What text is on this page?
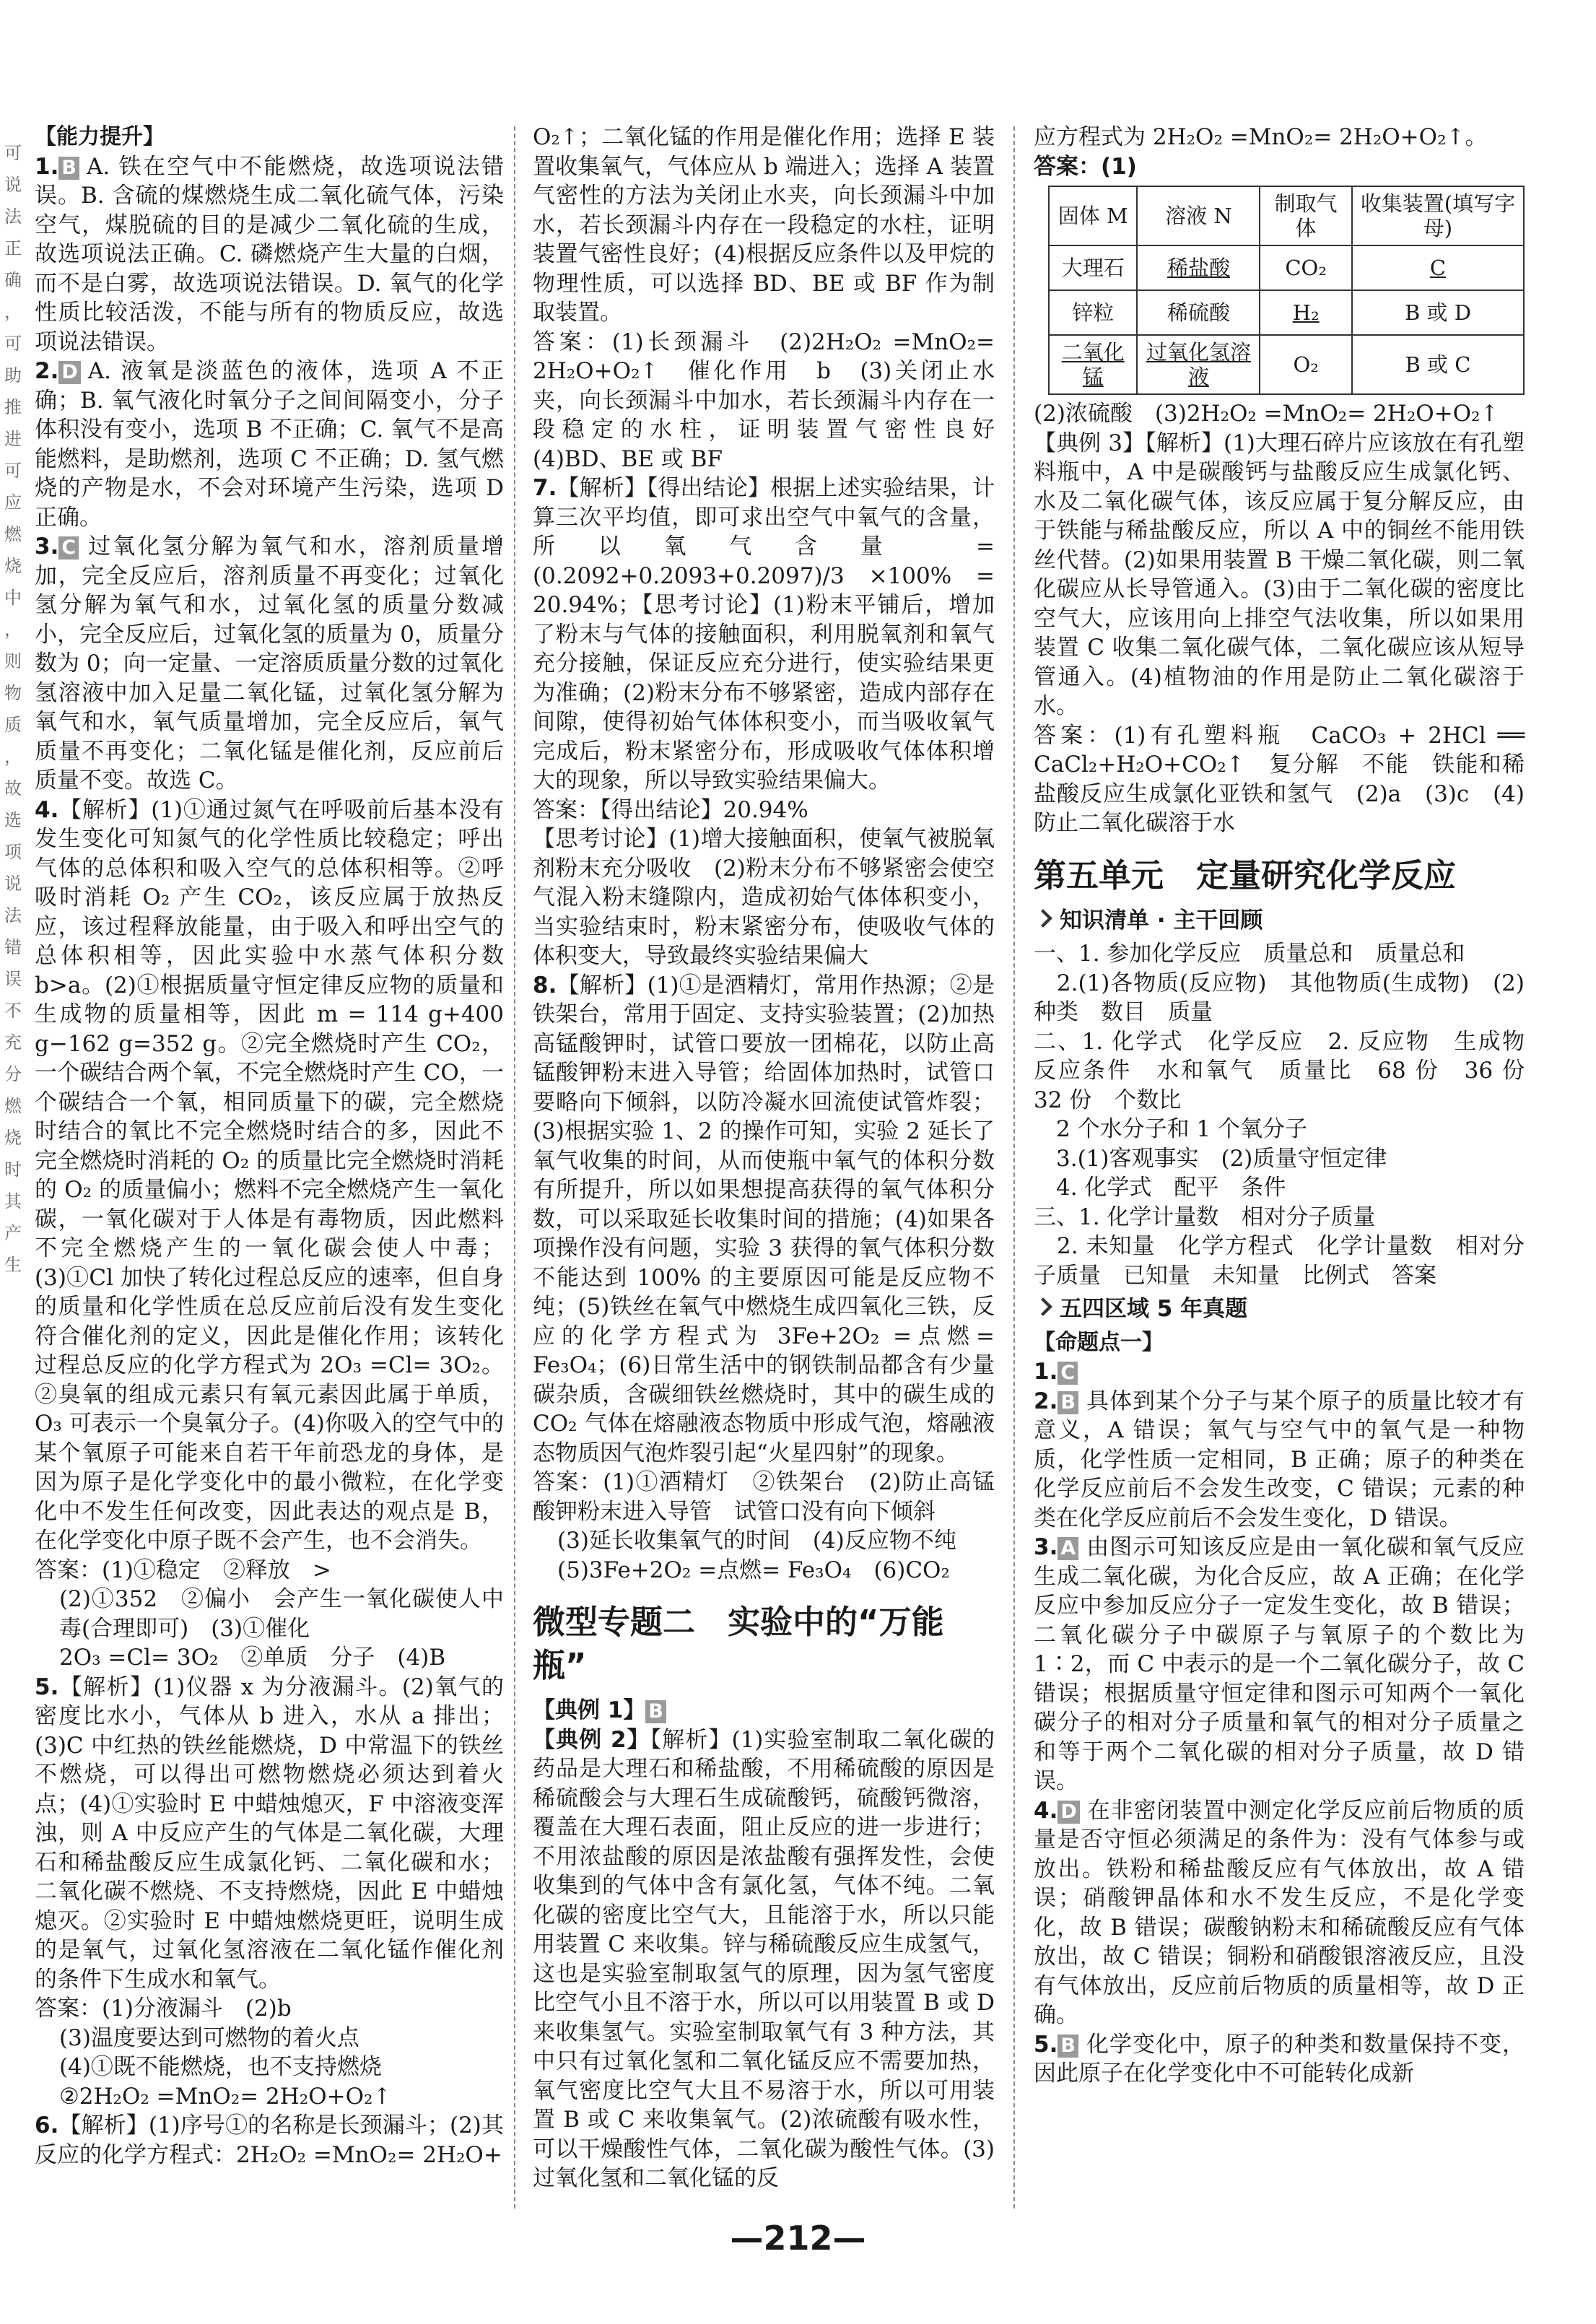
可说法正确，可助推进可应燃烧中，则物质，故选项说法错误不充分燃烧时其产生

【能力提升】

1. B A. 铁在空气中不能燃烧，故选项说法错误。B. 含硫的煤燃烧生成二氧化硫气体，污染空气，煤脱硫的目的是减少二氧化硫的生成，故选项说法正确。C. 磷燃烧产生大量的白烟，而不是白雾，故选项说法错误。D. 氧气的化学性质比较活泼，不能与所有的物质反应，故选项说法错误。

2. D A. 液氧是淡蓝色的液体，选项 A 不正确；B. 氧气液化时氧分子之间间隔变小，分子体积没有变小，选项 B 不正确；C. 氧气不是高能燃料，是助燃剂，选项 C 不正确；D. 氢气燃烧的产物是水，不会对环境产生污染，选项 D 正确。

3. C 过氧化氢分解为氧气和水，溶剂质量增加，完全反应后，溶剂质量不再变化；过氧化氢分解为氧气和水，过氧化氢的质量分数减小，完全反应后，过氧化氢的质量为 0，质量分数为 0；向一定量、一定溶质质量分数的过氧化氢溶液中加入足量二氧化锰，过氧化氢分解为氧气和水，氧气质量增加，完全反应后，氧气质量不再变化；二氧化锰是催化剂，反应前后质量不变。故选 C。

4.【解析】(1)①通过氮气在呼吸前后基本没有发生变化可知氮气的化学性质比较稳定；呼出气体的总体积和吸入空气的总体积相等。②呼吸时消耗 O₂ 产生 CO₂，该反应属于放热反应，该过程释放能量，由于吸入和呼出空气的总体积相等，因此实验中水蒸气体积分数 b>a。(2)①根据质量守恒定律反应物的质量和生成物的质量相等，因此 m = 114 g+400 g−162 g=352 g。②完全燃烧时产生 CO₂，一个碳结合两个氧，不完全燃烧时产生 CO，一个碳结合一个氧，相同质量下的碳，完全燃烧时结合的氧比不完全燃烧时结合的多，因此不完全燃烧时消耗的 O₂ 的质量比完全燃烧时消耗的 O₂ 的质量偏小；燃料不完全燃烧产生一氧化碳，一氧化碳对于人体是有毒物质，因此燃料不完全燃烧产生的一氧化碳会使人中毒；(3)①Cl 加快了转化过程总反应的速率，但自身的质量和化学性质在总反应前后没有发生变化符合催化剂的定义，因此是催化作用；该转化过程总反应的化学方程式为 2O₃ =Cl= 3O₂。②臭氧的组成元素只有氧元素因此属于单质，O₃ 可表示一个臭氧分子。(4)你吸入的空气中的某个氧原子可能来自若干年前恐龙的身体，是因为原子是化学变化中的最小微粒，在化学变化中不发生任何改变，因此表达的观点是 B，在化学变化中原子既不会产生，也不会消失。

答案：(1)①稳定　②释放　>

(2)①352　②偏小　会产生一氧化碳使人中毒(合理即可)　(3)①催化

2O₃ =Cl= 3O₂　②单质　分子　(4)B

5.【解析】(1)仪器 x 为分液漏斗。(2)氧气的密度比水小，气体从 b 进入，水从 a 排出；(3)C 中红热的铁丝能燃烧，D 中常温下的铁丝不燃烧，可以得出可燃物燃烧必须达到着火点；(4)①实验时 E 中蜡烛熄灭，F 中溶液变浑浊，则 A 中反应产生的气体是二氧化碳，大理石和稀盐酸反应生成氯化钙、二氧化碳和水；二氧化碳不燃烧、不支持燃烧，因此 E 中蜡烛熄灭。②实验时 E 中蜡烛燃烧更旺，说明生成的是氧气，过氧化氢溶液在二氧化锰作催化剂的条件下生成水和氧气。

答案：(1)分液漏斗　(2)b

(3)温度要达到可燃物的着火点

(4)①既不能燃烧，也不支持燃烧

②2H₂O₂ =MnO₂= 2H₂O+O₂↑

6.【解析】(1)序号①的名称是长颈漏斗；(2)其反应的化学方程式：2H₂O₂ =MnO₂= 2H₂O+

O₂↑；二氧化锰的作用是催化作用；选择 E 装置收集氧气，气体应从 b 端进入；选择 A 装置气密性的方法为关闭止水夹，向长颈漏斗中加水，若长颈漏斗内存在一段稳定的水柱，证明装置气密性良好；(4)根据反应条件以及甲烷的物理性质，可以选择 BD、BE 或 BF 作为制取装置。

答案：(1)长颈漏斗　(2)2H₂O₂ =MnO₂= 2H₂O+O₂↑　催化作用　b　(3)关闭止水夹，向长颈漏斗中加水，若长颈漏斗内存在一段稳定的水柱，证明装置气密性良好　(4)BD、BE 或 BF

7.【解析】【得出结论】根据上述实验结果，计算三次平均值，即可求出空气中氧气的含量，所以氧气含量 = (0.2092+0.2093+0.2097)/3 ×100% = 20.94%；【思考讨论】(1)粉末平铺后，增加了粉末与气体的接触面积，利用脱氧剂和氧气充分接触，保证反应充分进行，使实验结果更为准确；(2)粉末分布不够紧密，造成内部存在间隙，使得初始气体体积变小，而当吸收氧气完成后，粉末紧密分布，形成吸收气体体积增大的现象，所以导致实验结果偏大。

答案：【得出结论】20.94%

【思考讨论】(1)增大接触面积，使氧气被脱氧剂粉末充分吸收　(2)粉末分布不够紧密会使空气混入粉末缝隙内，造成初始气体体积变小，当实验结束时，粉末紧密分布，使吸收气体的体积变大，导致最终实验结果偏大

8.【解析】(1)①是酒精灯，常用作热源；②是铁架台，常用于固定、支持实验装置；(2)加热高锰酸钾时，试管口要放一团棉花，以防止高锰酸钾粉末进入导管；给固体加热时，试管口要略向下倾斜，以防冷凝水回流使试管炸裂；(3)根据实验 1、2 的操作可知，实验 2 延长了氧气收集的时间，从而使瓶中氧气的体积分数有所提升，所以如果想提高获得的氧气体积分数，可以采取延长收集时间的措施；(4)如果各项操作没有问题，实验 3 获得的氧气体积分数不能达到 100% 的主要原因可能是反应物不纯；(5)铁丝在氧气中燃烧生成四氧化三铁，反应的化学方程式为 3Fe+2O₂ =点燃= Fe₃O₄；(6)日常生活中的钢铁制品都含有少量碳杂质，含碳细铁丝燃烧时，其中的碳生成的 CO₂ 气体在熔融液态物质中形成气泡，熔融液态物质因气泡炸裂引起“火星四射”的现象。

答案：(1)①酒精灯　②铁架台　(2)防止高锰酸钾粉末进入导管　试管口没有向下倾斜

(3)延长收集氧气的时间　(4)反应物不纯

(5)3Fe+2O₂ =点燃= Fe₃O₄　(6)CO₂

微型专题二　实验中的“万能瓶”

【典例 1】 B

【典例 2】【解析】(1)实验室制取二氧化碳的药品是大理石和稀盐酸，不用稀硫酸的原因是稀硫酸会与大理石生成硫酸钙，硫酸钙微溶，覆盖在大理石表面，阻止反应的进一步进行；不用浓盐酸的原因是浓盐酸有强挥发性，会使收集到的气体中含有氯化氢，气体不纯。二氧化碳的密度比空气大，且能溶于水，所以只能用装置 C 来收集。锌与稀硫酸反应生成氢气，这也是实验室制取氢气的原理，因为氢气密度比空气小且不溶于水，所以可以用装置 B 或 D 来收集氢气。实验室制取氧气有 3 种方法，其中只有过氧化氢和二氧化锰反应不需要加热，氧气密度比空气大且不易溶于水，所以可用装置 B 或 C 来收集氧气。(2)浓硫酸有吸水性，可以干燥酸性气体，二氧化碳为酸性气体。(3)过氧化氢和二氧化锰的反

应方程式为 2H₂O₂ =MnO₂= 2H₂O+O₂↑。

答案：(1)

固体 M	溶液 N	制取气体	收集装置(填写字母)
大理石	稀盐酸	CO₂	C
锌粒	稀硫酸	H₂	B 或 D
二氧化锰	过氧化氢溶液	O₂	B 或 C

(2)浓硫酸　(3)2H₂O₂ =MnO₂= 2H₂O+O₂↑

【典例 3】【解析】(1)大理石碎片应该放在有孔塑料瓶中，A 中是碳酸钙与盐酸反应生成氯化钙、水及二氧化碳气体，该反应属于复分解反应，由于铁能与稀盐酸反应，所以 A 中的铜丝不能用铁丝代替。(2)如果用装置 B 干燥二氧化碳，则二氧化碳应从长导管通入。(3)由于二氧化碳的密度比空气大，应该用向上排空气法收集，所以如果用装置 C 收集二氧化碳气体，二氧化碳应该从短导管通入。(4)植物油的作用是防止二氧化碳溶于水。

答案：(1)有孔塑料瓶　CaCO₃ + 2HCl ══ CaCl₂+H₂O+CO₂↑　复分解　不能　铁能和稀盐酸反应生成氯化亚铁和氢气　(2)a　(3)c　(4)防止二氧化碳溶于水

第五单元　定量研究化学反应
知识清单 · 主干回顾

一、1. 参加化学反应　质量总和　质量总和

　2.(1)各物质(反应物)　其他物质(生成物)　(2)种类　数目　质量

二、1. 化学式　化学反应　2. 反应物　生成物　反应条件　水和氧气　质量比　68 份　36 份　32 份　个数比

　2 个水分子和 1 个氧分子

　3.(1)客观事实　(2)质量守恒定律

　4. 化学式　配平　条件

三、1. 化学计量数　相对分子质量

　2. 未知量　化学方程式　化学计量数　相对分子质量　已知量　未知量　比例式　答案

五四区域 5 年真题

【命题点一】

1. C

2. B 具体到某个分子与某个原子的质量比较才有意义，A 错误；氧气与空气中的氧气是一种物质，化学性质一定相同，B 正确；原子的种类在化学反应前后不会发生改变，C 错误；元素的种类在化学反应前后不会发生变化，D 错误。

3. A 由图示可知该反应是由一氧化碳和氧气反应生成二氧化碳，为化合反应，故 A 正确；在化学反应中参加反应分子一定发生变化，故 B 错误；二氧化碳分子中碳原子与氧原子的个数比为 1∶2，而 C 中表示的是一个二氧化碳分子，故 C 错误；根据质量守恒定律和图示可知两个一氧化碳分子的相对分子质量和氧气的相对分子质量之和等于两个二氧化碳的相对分子质量，故 D 错误。

4. D 在非密闭装置中测定化学反应前后物质的质量是否守恒必须满足的条件为：没有气体参与或放出。铁粉和稀盐酸反应有气体放出，故 A 错误；硝酸钾晶体和水不发生反应，不是化学变化，故 B 错误；碳酸钠粉末和稀硫酸反应有气体放出，故 C 错误；铜粉和硝酸银溶液反应，且没有气体放出，反应前后物质的质量相等，故 D 正确。

5. B 化学变化中，原子的种类和数量保持不变，因此原子在化学变化中不可能转化成新

—212—
